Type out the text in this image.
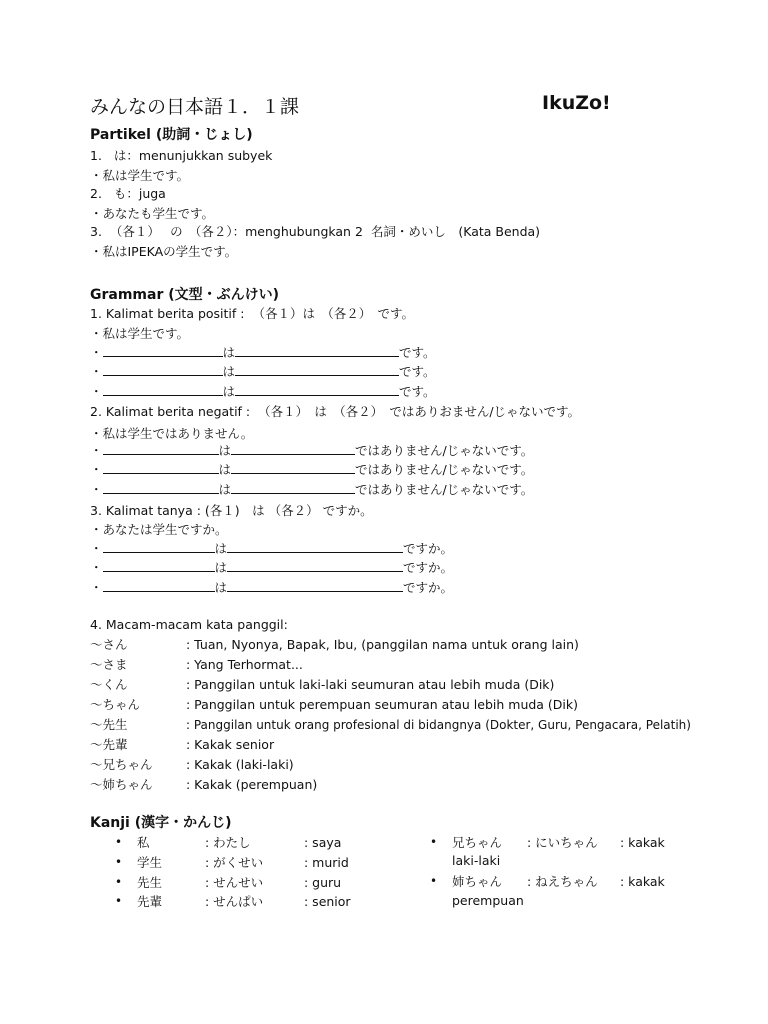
みんなの日本語１．１課	IkuZo!
Partikel (助詞・じょし)
1.   は：menunjukkan subyek
・私は学生です。
2.   も：juga
・あなたも学生です。
3.  （各１）　 の　（各２）：menghubungkan 2  名詞・めいし　(Kata Benda)
・私はIPEKAの学生です。
Grammar (文型・ぶんけい)
1. Kalimat berita positif :  （各１）は　（各２）　です。
・私は学生です。
・	は	です。
・	は	です。
・	は	です。
2. Kalimat berita negatif :  （各１）　は　（各２）　ではありおません/じゃないです。
・私は学生ではありません。
・	は	ではありません/じゃないです。
・	は	ではありません/じゃないです。
・	は	ではありません/じゃないです。
3. Kalimat tanya : (各１)　は （各２） ですか。
・あなたは学生ですか。
・	は	ですか。
・	は	ですか。
・	は	ですか。
4. Macam-macam kata panggil:
～さん	: Tuan, Nyonya, Bapak, Ibu, (panggilan nama untuk orang lain)
～さま	: Yang Terhormat...
～くん	: Panggilan untuk laki-laki seumuran atau lebih muda (Dik)
～ちゃん	: Panggilan untuk perempuan seumuran atau lebih muda (Dik)
～先生	: Panggilan untuk orang profesional di bidangnya (Dokter, Guru, Pengacara, Pelatih)
～先輩	: Kakak senior
～兄ちゃん	: Kakak (laki-laki)
～姉ちゃん	: Kakak (perempuan)
Kanji (漢字・かんじ)
• 私	: わたし	: saya
• 学生	: がくせい	: murid
• 先生	: せんせい	: guru
• 先輩	: せんぱい	: senior
• 兄ちゃん : にいちゃん : kakak
laki-laki
• 姉ちゃん : ねえちゃん : kakak
perempuan
